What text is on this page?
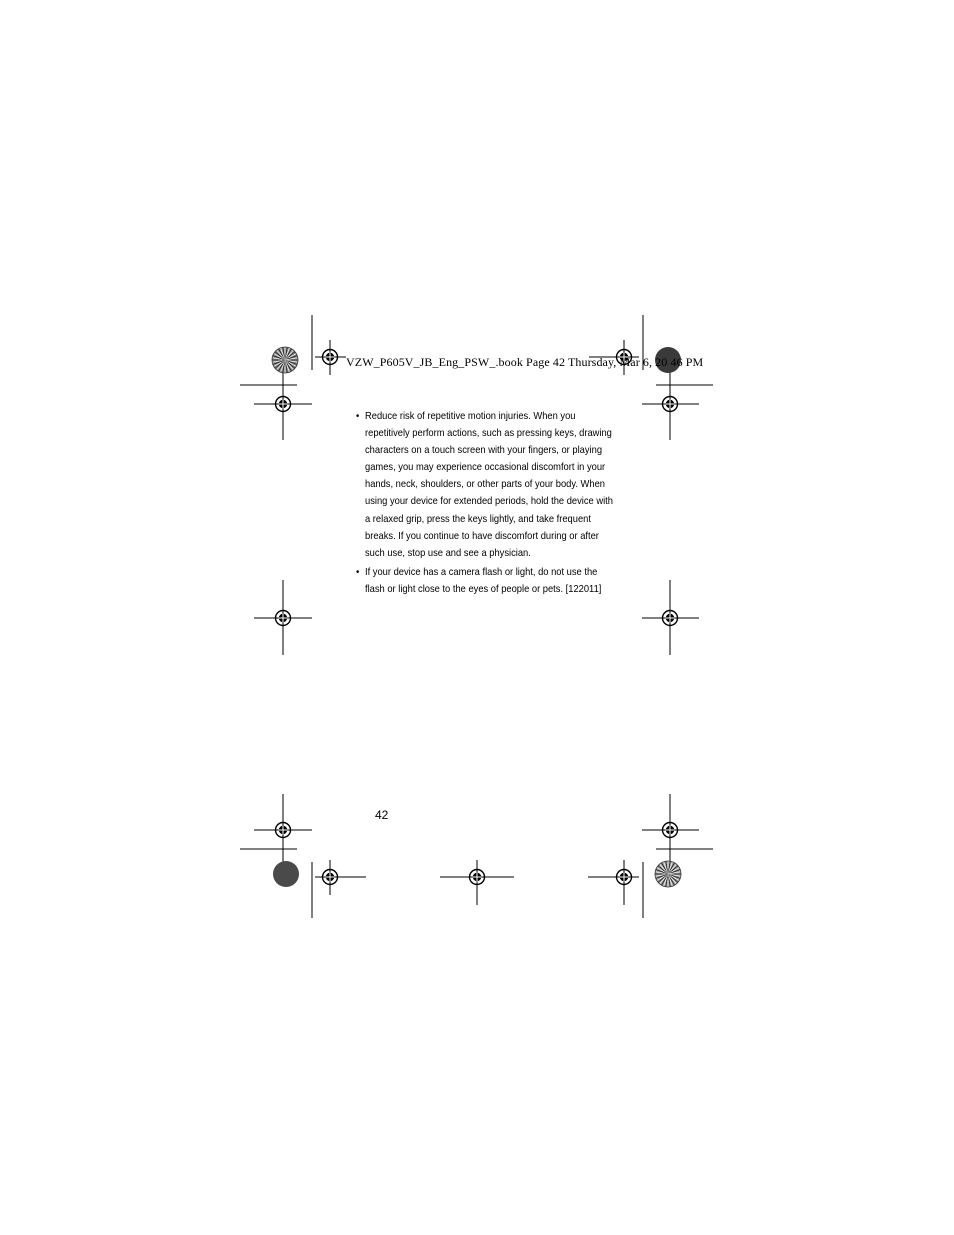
VZW_P605V_JB_Eng_PSW_.book Page 42 Thursday, Mar 6, 20 46 PM
• Reduce risk of repetitive motion injuries. When you repetitively perform actions, such as pressing keys, drawing characters on a touch screen with your fingers, or playing games, you may experience occasional discomfort in your hands, neck, shoulders, or other parts of your body. When using your device for extended periods, hold the device with a relaxed grip, press the keys lightly, and take frequent breaks. If you continue to have discomfort during or after such use, stop use and see a physician.
• If your device has a camera flash or light, do not use the flash or light close to the eyes of people or pets. [122011]
42
